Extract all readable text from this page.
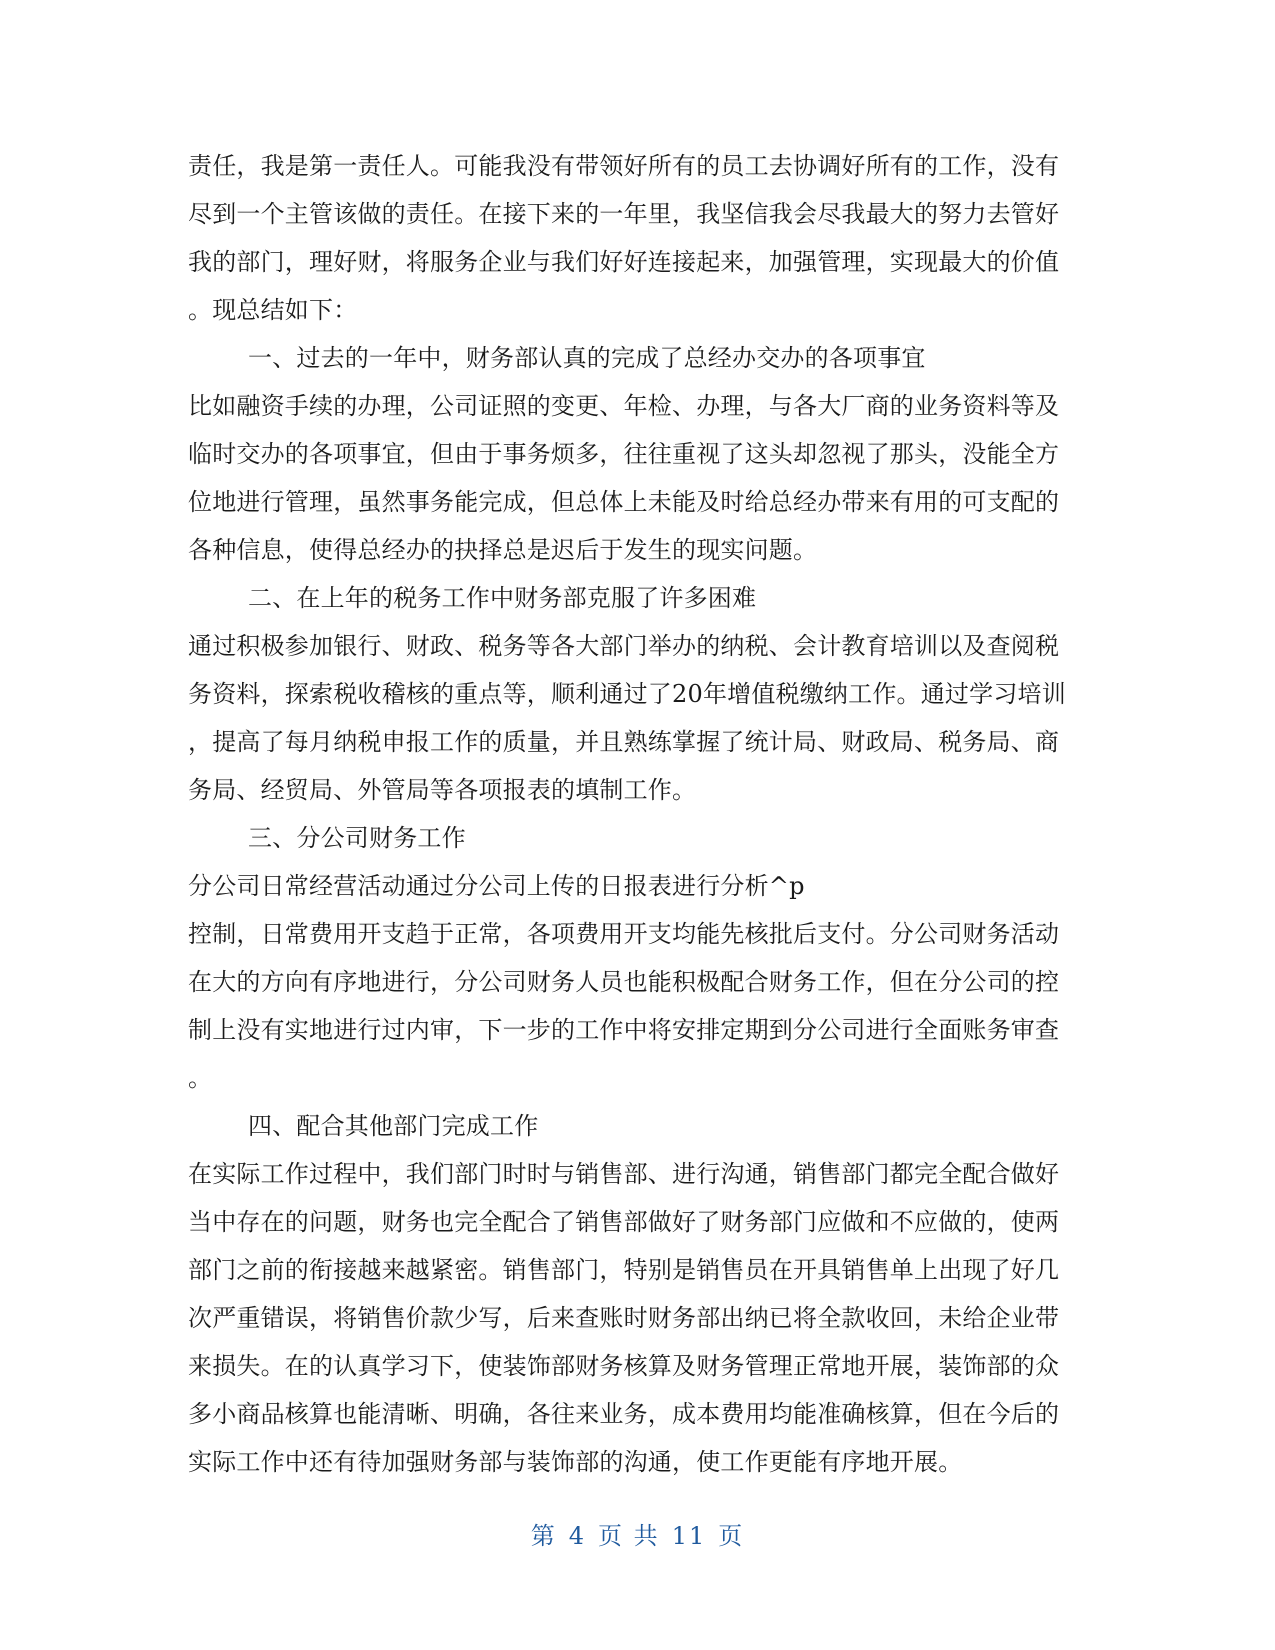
责任，我是第一责任人。可能我没有带领好所有的员工去协调好所有的工作，没有
尽到一个主管该做的责任。在接下来的一年里，我坚信我会尽我最大的努力去管好
我的部门，理好财，将服务企业与我们好好连接起来，加强管理，实现最大的价值
。现总结如下：
一、过去的一年中，财务部认真的完成了总经办交办的各项事宜
比如融资手续的办理，公司证照的变更、年检、办理，与各大厂商的业务资料等及
临时交办的各项事宜，但由于事务烦多，往往重视了这头却忽视了那头，没能全方
位地进行管理，虽然事务能完成，但总体上未能及时给总经办带来有用的可支配的
各种信息，使得总经办的抉择总是迟后于发生的现实问题。
二、在上年的税务工作中财务部克服了许多困难
通过积极参加银行、财政、税务等各大部门举办的纳税、会计教育培训以及查阅税
务资料，探索税收稽核的重点等，顺利通过了20年增值税缴纳工作。通过学习培训
，提高了每月纳税申报工作的质量，并且熟练掌握了统计局、财政局、税务局、商
务局、经贸局、外管局等各项报表的填制工作。
三、分公司财务工作
分公司日常经营活动通过分公司上传的日报表进行分析^p
控制，日常费用开支趋于正常，各项费用开支均能先核批后支付。分公司财务活动
在大的方向有序地进行，分公司财务人员也能积极配合财务工作，但在分公司的控
制上没有实地进行过内审，下一步的工作中将安排定期到分公司进行全面账务审查
。
四、配合其他部门完成工作
在实际工作过程中，我们部门时时与销售部、进行沟通，销售部门都完全配合做好
当中存在的问题，财务也完全配合了销售部做好了财务部门应做和不应做的，使两
部门之前的衔接越来越紧密。销售部门，特别是销售员在开具销售单上出现了好几
次严重错误，将销售价款少写，后来查账时财务部出纳已将全款收回，未给企业带
来损失。在的认真学习下，使装饰部财务核算及财务管理正常地开展，装饰部的众
多小商品核算也能清晰、明确，各往来业务，成本费用均能准确核算，但在今后的
实际工作中还有待加强财务部与装饰部的沟通，使工作更能有序地开展。
第 4 页 共 11 页
